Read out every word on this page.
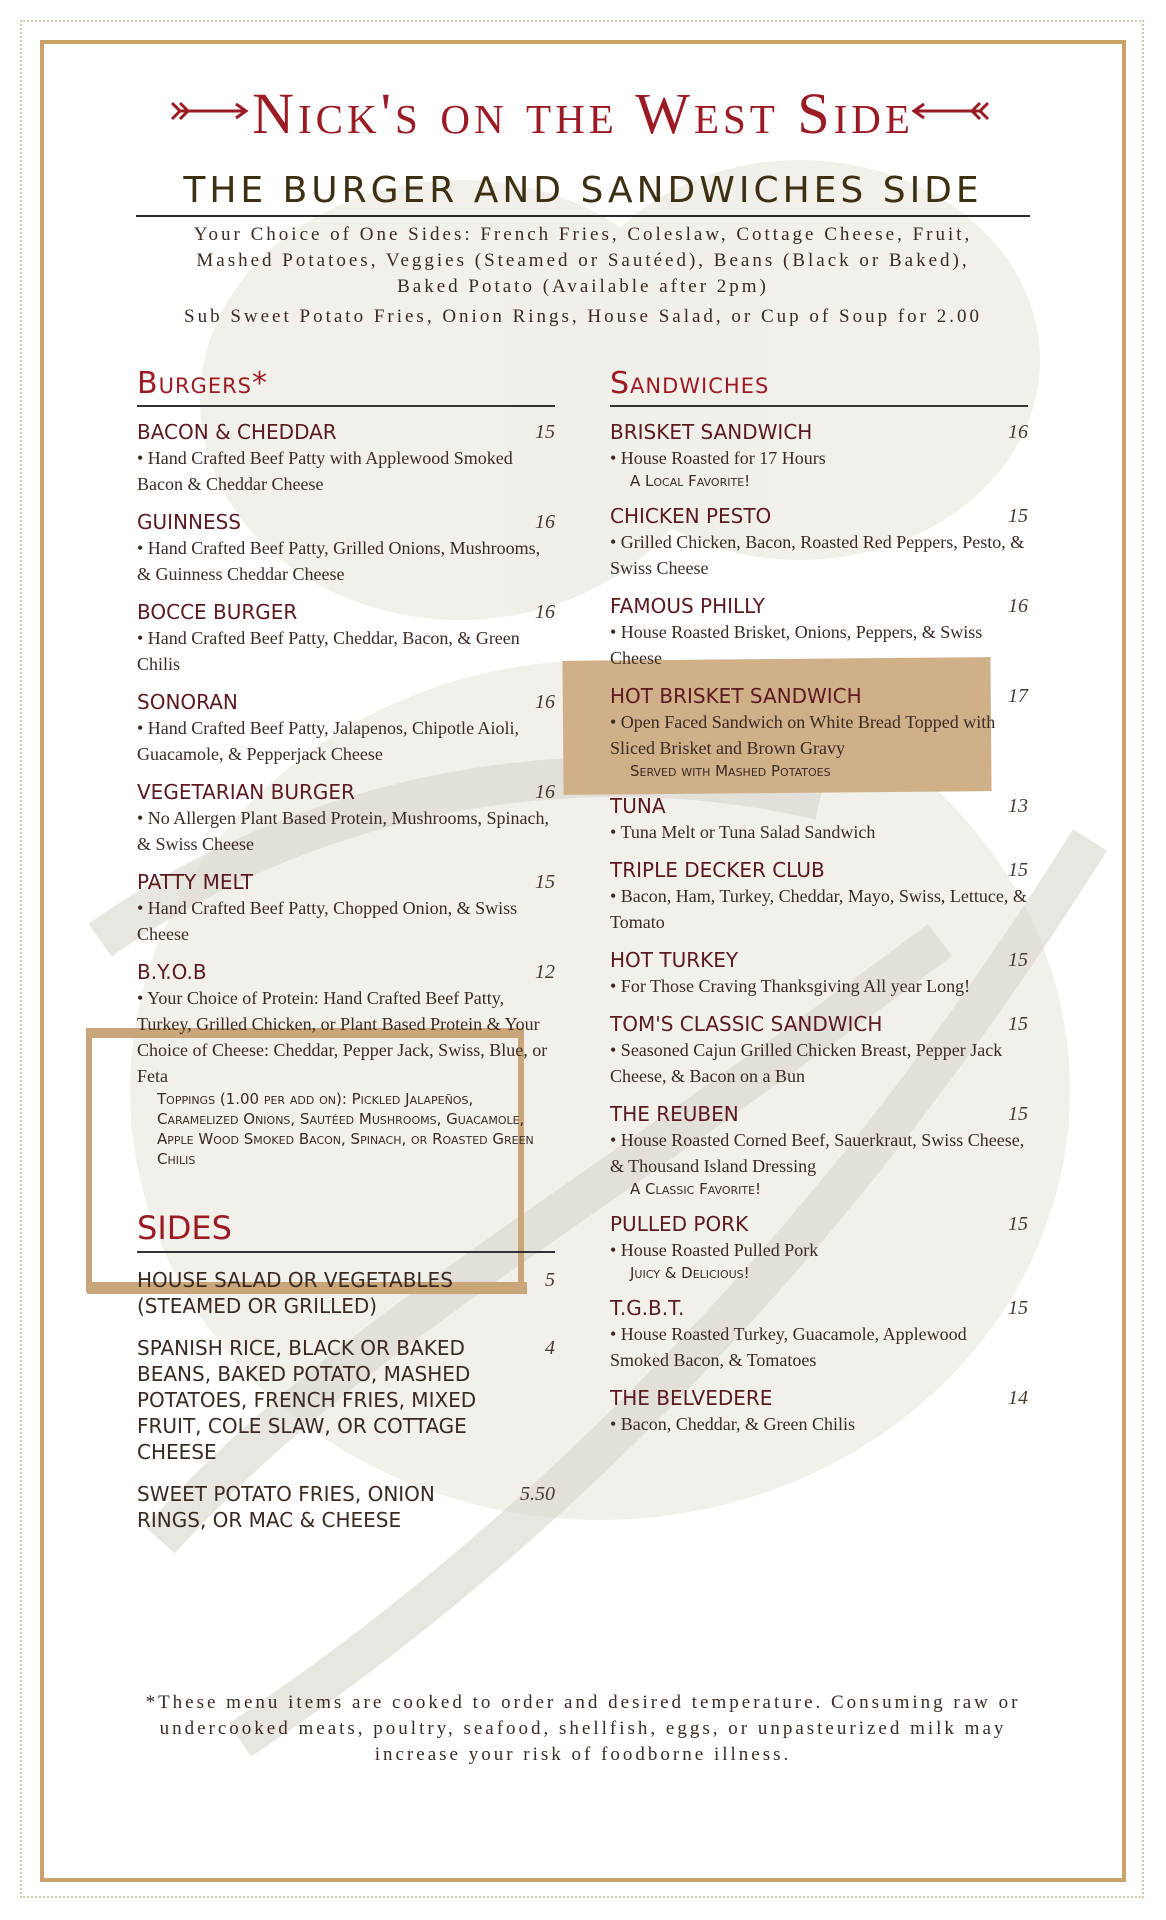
Nick's on the West Side
THE BURGER AND SANDWICHES SIDE
Your Choice of One Sides: French Fries, Coleslaw, Cottage Cheese, Fruit,
Mashed Potatoes, Veggies (Steamed or Sautéed), Beans (Black or Baked),
Baked Potato (Available after 2pm)
Sub Sweet Potato Fries, Onion Rings, House Salad, or Cup of Soup for 2.00
Burgers*
BACON & CHEDDAR	15
• Hand Crafted Beef Patty with Applewood Smoked Bacon & Cheddar Cheese
GUINNESS	16
• Hand Crafted Beef Patty, Grilled Onions, Mushrooms, & Guinness Cheddar Cheese
BOCCE BURGER	16
• Hand Crafted Beef Patty, Cheddar, Bacon, & Green Chilis
SONORAN	16
• Hand Crafted Beef Patty, Jalapenos, Chipotle Aioli, Guacamole, & Pepperjack Cheese
VEGETARIAN BURGER	16
• No Allergen Plant Based Protein, Mushrooms, Spinach, & Swiss Cheese
PATTY MELT	15
• Hand Crafted Beef Patty, Chopped Onion, & Swiss Cheese
B.Y.O.B	12
• Your Choice of Protein: Hand Crafted Beef Patty, Turkey, Grilled Chicken, or Plant Based Protein & Your Choice of Cheese: Cheddar, Pepper Jack, Swiss, Blue, or Feta
Toppings (1.00 per add on): Pickled Jalapeños, Caramelized Onions, Sautéed Mushrooms, Guacamole, Apple Wood Smoked Bacon, Spinach, or Roasted Green Chilis
SIDES
HOUSE SALAD OR VEGETABLES (STEAMED OR GRILLED)
5
SPANISH RICE, BLACK OR BAKED BEANS, BAKED POTATO, MASHED POTATOES, FRENCH FRIES, MIXED FRUIT, COLE SLAW, OR COTTAGE CHEESE
4
SWEET POTATO FRIES, ONION RINGS, OR MAC & CHEESE
5.50
Sandwiches
BRISKET SANDWICH	16
• House Roasted for 17 Hours
A Local Favorite!
CHICKEN PESTO	15
• Grilled Chicken, Bacon, Roasted Red Peppers, Pesto, & Swiss Cheese
FAMOUS PHILLY	16
• House Roasted Brisket, Onions, Peppers, & Swiss Cheese
HOT BRISKET SANDWICH	17
• Open Faced Sandwich on White Bread Topped with Sliced Brisket and Brown Gravy
Served with Mashed Potatoes
TUNA	13
• Tuna Melt or Tuna Salad Sandwich
TRIPLE DECKER CLUB	15
• Bacon, Ham, Turkey, Cheddar, Mayo, Swiss, Lettuce, & Tomato
HOT TURKEY	15
• For Those Craving Thanksgiving All year Long!
TOM'S CLASSIC SANDWICH	15
• Seasoned Cajun Grilled Chicken Breast, Pepper Jack Cheese, & Bacon on a Bun
THE REUBEN	15
• House Roasted Corned Beef, Sauerkraut, Swiss Cheese, & Thousand Island Dressing
A Classic Favorite!
PULLED PORK	15
• House Roasted Pulled Pork
Juicy & Delicious!
T.G.B.T.	15
• House Roasted Turkey, Guacamole, Applewood Smoked Bacon, & Tomatoes
THE BELVEDERE	14
• Bacon, Cheddar, & Green Chilis
*These menu items are cooked to order and desired temperature. Consuming raw or undercooked meats, poultry, seafood, shellfish, eggs, or unpasteurized milk may increase your risk of foodborne illness.
